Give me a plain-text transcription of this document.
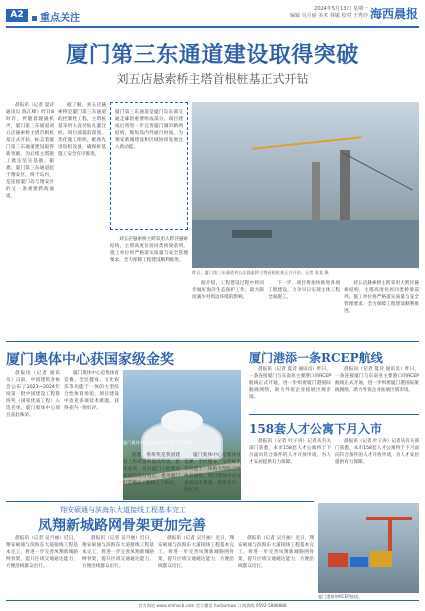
A2	重点关注
2024年5月13日 星期一
编辑 吴月丽 美术 林敏 校对 王秀玲 海西晨报
厦门第三东通道建设取得突破
刘五店悬索桥主塔首根桩基正式开钻

晨报讯（记者 夏诗 通讯员 陈江峰）昨日8时许，伴随着隆隆机声，厦门第三东通道刘五店悬索桥主塔首根桩基正式开钻，标志着厦门第三东通道建设取得新突破，为后续主塔施工奠定坚实基础。据悉，厦门第三东通道起于翔安区，终于岛内，是连接厦门岛与翔安区的又一条重要跨海通道。

据了解，刘五店悬索桥是厦门第三东通道的控制性工程，主塔桩基采用大直径钻孔灌注桩。项目部提前谋划，优化施工组织，配备先进钻机设备，确保桩基施工安全有序推进。

厦门第三东通道是厦门岛东部交通走廊的重要组成部分，项目建成后将进一步完善厦门城市路网结构，缩短岛内外通行时间，为翔安新城建设和区域协同发展注入新动能。

刘五店悬索桥主跨采用大跨径悬索结构，主塔高度位居同类桥梁前列。施工单位将严格落实质量与安全管理要求，全力保障工程建设顺利推进。

昨日，厦门第三东通道刘五店悬索桥主塔首根桩基正式开钻。记者 张某 摄

据介绍，工程建设过程中将同步做好海洋生态保护工作，最大限度减少对周边环境的影响。

下一步，项目将加快推进各项工程建设，力争早日实现主体工程全面施工。

刘五店悬索桥主跨采用大跨径悬索结构，主塔高度位居同类桥梁前列。施工单位将严格落实质量与安全管理要求，全力保障工程建设顺利推进。

厦门奥体中心获国家级金奖

晨报讯（记者 通讯员）日前，中国建筑业协会公布了2023—2024年度第一批中国建设工程鲁班奖（国家优质工程）入选名单，厦门奥体中心项目获此殊荣。

厦门奥体中心是集体育竞赛、全民健身、文化娱乐等功能于一体的大型综合性体育场馆，项目建设中攻克多项技术难题，获得业内一致好评。

厦门奥体中心获国家级金奖。（资料图）

据悉，鲁班奖是我国建设工程质量的最高奖项。此次获奖，是对厦门工程建设质量的充分肯定，也为厦门打造精品工程树立了标杆。

厦门奥体中心是集体育竞赛、全民健身、文化娱乐等功能于一体的大型综合性体育场馆，项目建设中攻克多项技术难题，获得业内一致好评。

厦门港添一条RCEP航线

晨报讯（记者 夏诗 通讯员）昨日，一条连接厦门与东南亚主要港口的RCEP航线正式开通，进一步织密厦门港国际航线网络，助力外贸企业拓展区域市场。

晨报讯（记者 夏诗 通讯员）昨日，一条连接厦门与东南亚主要港口的RCEP航线正式开通，进一步织密厦门港国际航线网络，助力外贸企业拓展区域市场。

158套人才公寓下月入市

晨报讯（记者 叶子涛）记者从有关部门获悉，本市158套人才公寓将于下月面向符合条件的人才开放申请，为人才安居提供有力保障。

晨报讯（记者 叶子涛）记者从有关部门获悉，本市158套人才公寓将于下月面向符合条件的人才开放申请，为人才安居提供有力保障。

翔安硕通与滨海东大道接线工程基本完工
凤翔新城路网骨架更加完善

晨报讯（记者 吴月丽）近日，翔安硕通与滨海东大道接线工程基本完工，将进一步完善凤翔新城路网骨架，提升区域交通通达能力，方便沿线群众出行。

晨报讯（记者 吴月丽）近日，翔安硕通与滨海东大道接线工程基本完工，将进一步完善凤翔新城路网骨架，提升区域交通通达能力，方便沿线群众出行。

晨报讯（记者 吴月丽）近日，翔安硕通与滨海东大道接线工程基本完工，将进一步完善凤翔新城路网骨架，提升区域交通通达能力，方便沿线群众出行。

晨报讯（记者 吴月丽）近日，翔安硕通与滨海东大道接线工程基本完工，将进一步完善凤翔新城路网骨架，提升区域交通通达能力，方便沿线群众出行。

厦门港新增RCEP航线。
官方网站 www.xmhxcb.com 官方微信 hxcbxmwx 订阅热线 0592-5888888
